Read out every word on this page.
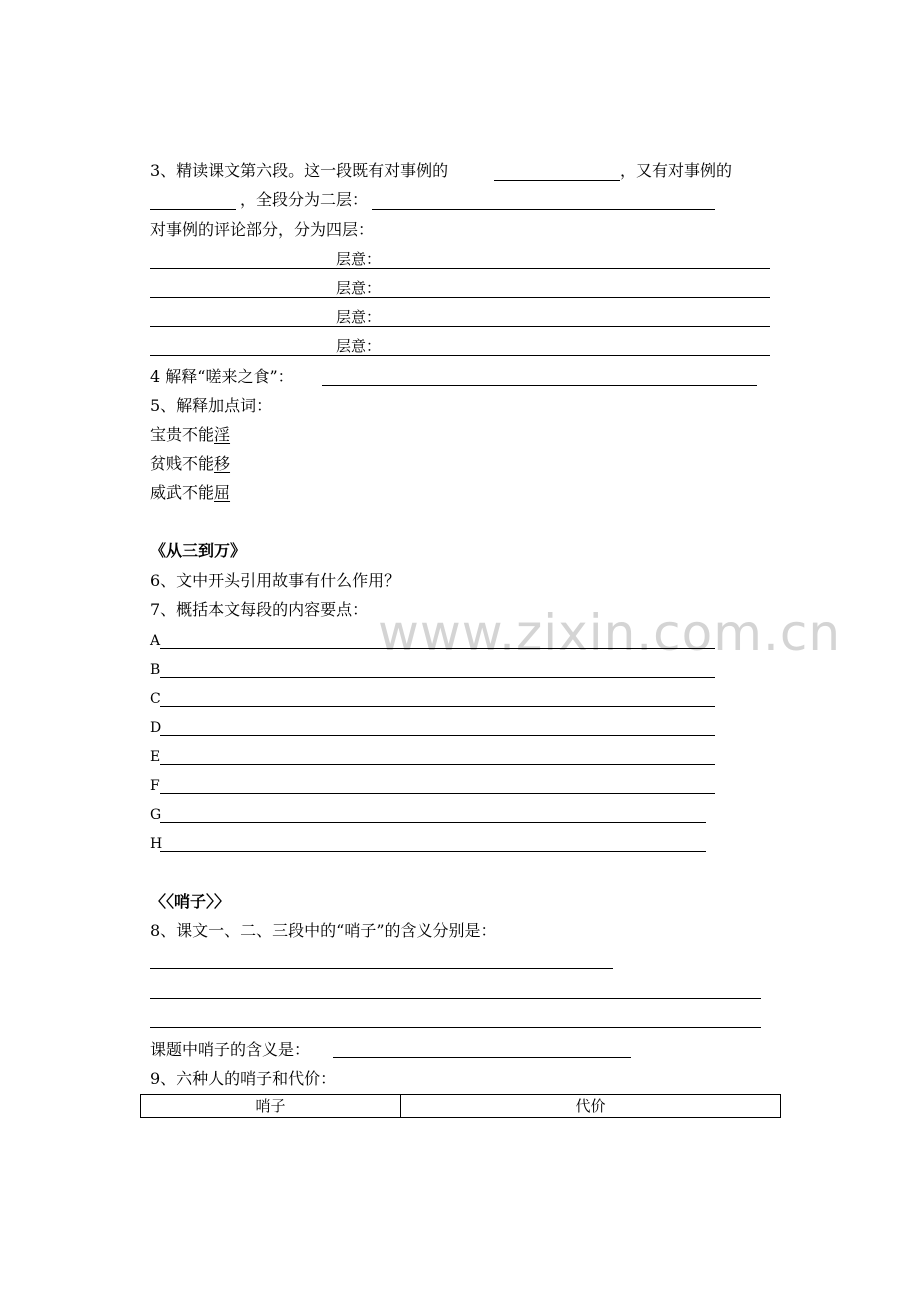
www.zixin.com.cn
3、精读课文第六段。这一段既有对事例的	，又有对事例的
，全段分为二层：
对事例的评论部分，分为四层：
层意：
层意：
层意：
层意：
4 解释“嗟来之食”：
5、解释加点词：
宝贵不能淫
贫贱不能移
威武不能屈
《从三到万》
6、文中开头引用故事有什么作用？
7、概括本文每段的内容要点：
A
B
C
D
E
F
G
H
〈〈哨子〉〉
8、课文一、二、三段中的“哨子”的含义分别是：
课题中哨子的含义是：
9、六种人的哨子和代价：
哨子	代价
